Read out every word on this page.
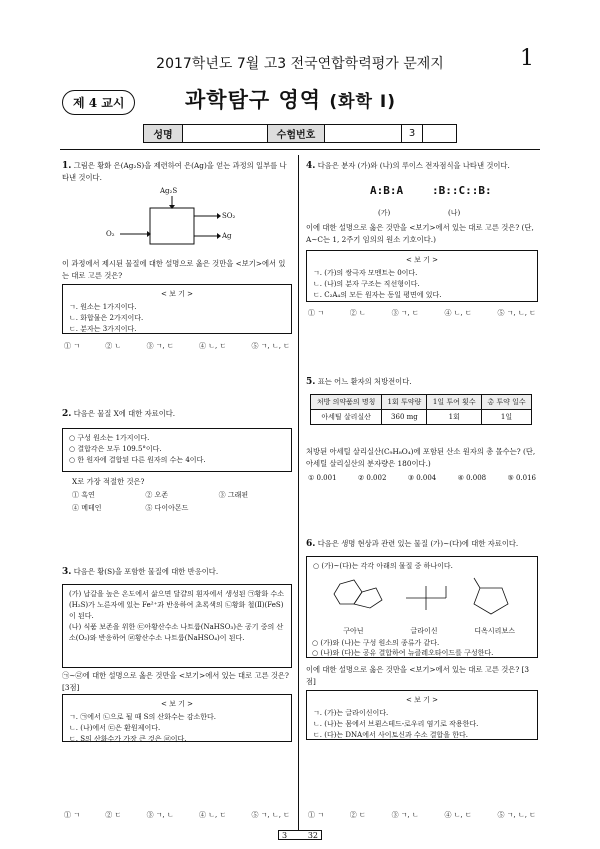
2017학년도 7월 고3 전국연합학력평가 문제지	1
제 4 교시	과학탐구 영역 (화학 Ⅰ)
성명	수험번호	3
1. 그림은 황화 은(Ag₂S)을 제련하여 은(Ag)을 얻는 과정의 일부를 나타낸 것이다.
Ag₂S
O₂
SO₂
Ag
이 과정에서 제시된 물질에 대한 설명으로 옳은 것만을 <보기>에서 있는 대로 고른 것은?
< 보 기 >
ㄱ. 원소는 1가지이다.
ㄴ. 화합물은 2가지이다.
ㄷ. 분자는 3가지이다.
① ㄱ	② ㄴ	③ ㄱ, ㄷ	④ ㄴ, ㄷ	⑤ ㄱ, ㄴ, ㄷ
2. 다음은 물질 X에 대한 자료이다.
○ 구성 원소는 1가지이다.
○ 결합각은 모두 109.5°이다.
○ 한 원자에 결합된 다른 원자의 수는 4이다.
X로 가장 적절한 것은?
① 흑연	② 오존	③ 그래핀
④ 메테인	⑤ 다이아몬드
3. 다음은 황(S)을 포함한 물질에 대한 반응이다.
(가) 납갈을 높은 온도에서 삶으면 달걀의 흰자에서 생성된 ㉠황화 수소(H₂S)가 노른자에 있는 Fe²⁺과 반응하여 초록색의 ㉡황화 철(Ⅱ)(FeS)이 된다.
(나) 식품 보존을 위한 ㉢아황산수소 나트륨(NaHSO₃)은 공기 중의 산소(O₂)와 반응하여 ㉣황산수소 나트륨(NaHSO₄)이 된다.
㉠~㉣에 대한 설명으로 옳은 것만을 <보기>에서 있는 대로 고른 것은? [3점]
< 보 기 >
ㄱ. ㉠에서 ㉡으로 될 때 S의 산화수는 감소한다.
ㄴ. (나)에서 ㉢은 환원제이다.
ㄷ. S의 산화수가 가장 큰 것은 ㉣이다.
① ㄱ	② ㄷ	③ ㄱ, ㄴ	④ ㄴ, ㄷ	⑤ ㄱ, ㄴ, ㄷ
4. 다음은 분자 (가)와 (나)의 루이스 전자점식을 나타낸 것이다.
A:B:A	:B::C::B:
(가)	(나)
이에 대한 설명으로 옳은 것만을 <보기>에서 있는 대로 고른 것은? (단, A~C는 1, 2주기 임의의 원소 기호이다.)
< 보 기 >
ㄱ. (가)의 쌍극자 모멘트는 0이다.
ㄴ. (나)의 분자 구조는 직선형이다.
ㄷ. C₂A₄의 모든 원자는 동일 평면에 있다.
① ㄱ	② ㄴ	③ ㄱ, ㄷ	④ ㄴ, ㄷ	⑤ ㄱ, ㄴ, ㄷ
5. 표는 어느 환자의 처방전이다.
처방 의약품의 명칭	1회 투약량	1일 투여 횟수	총 투약 일수
아세틸 살리실산	360 mg	1회	1일
처방된 아세틸 살리실산(C₉H₈O₄)에 포함된 산소 원자의 총 몰수는? (단, 아세틸 살리실산의 분자량은 180이다.)
① 0.001	② 0.002	③ 0.004	④ 0.008	⑤ 0.016
6. 다음은 생명 현상과 관련 있는 물질 (가)~(다)에 대한 자료이다.
○ (가)~(다)는 각각 아래의 물질 중 하나이다.
구아닌	글라이신	디옥시리보스
○ (가)와 (나)는 구성 원소의 종류가 같다.
○ (나)와 (다)는 공유 결합하여 뉴클레오타이드를 구성한다.
이에 대한 설명으로 옳은 것만을 <보기>에서 있는 대로 고른 것은? [3점]
< 보 기 >
ㄱ. (가)는 글라이신이다.
ㄴ. (나)는 몸에서 브뢴스테드-로우리 염기로 작용한다.
ㄷ. (다)는 DNA에서 사이토신과 수소 결합을 한다.
① ㄱ	② ㄷ	③ ㄱ, ㄴ	④ ㄴ, ㄷ	⑤ ㄱ, ㄴ, ㄷ
3	32
